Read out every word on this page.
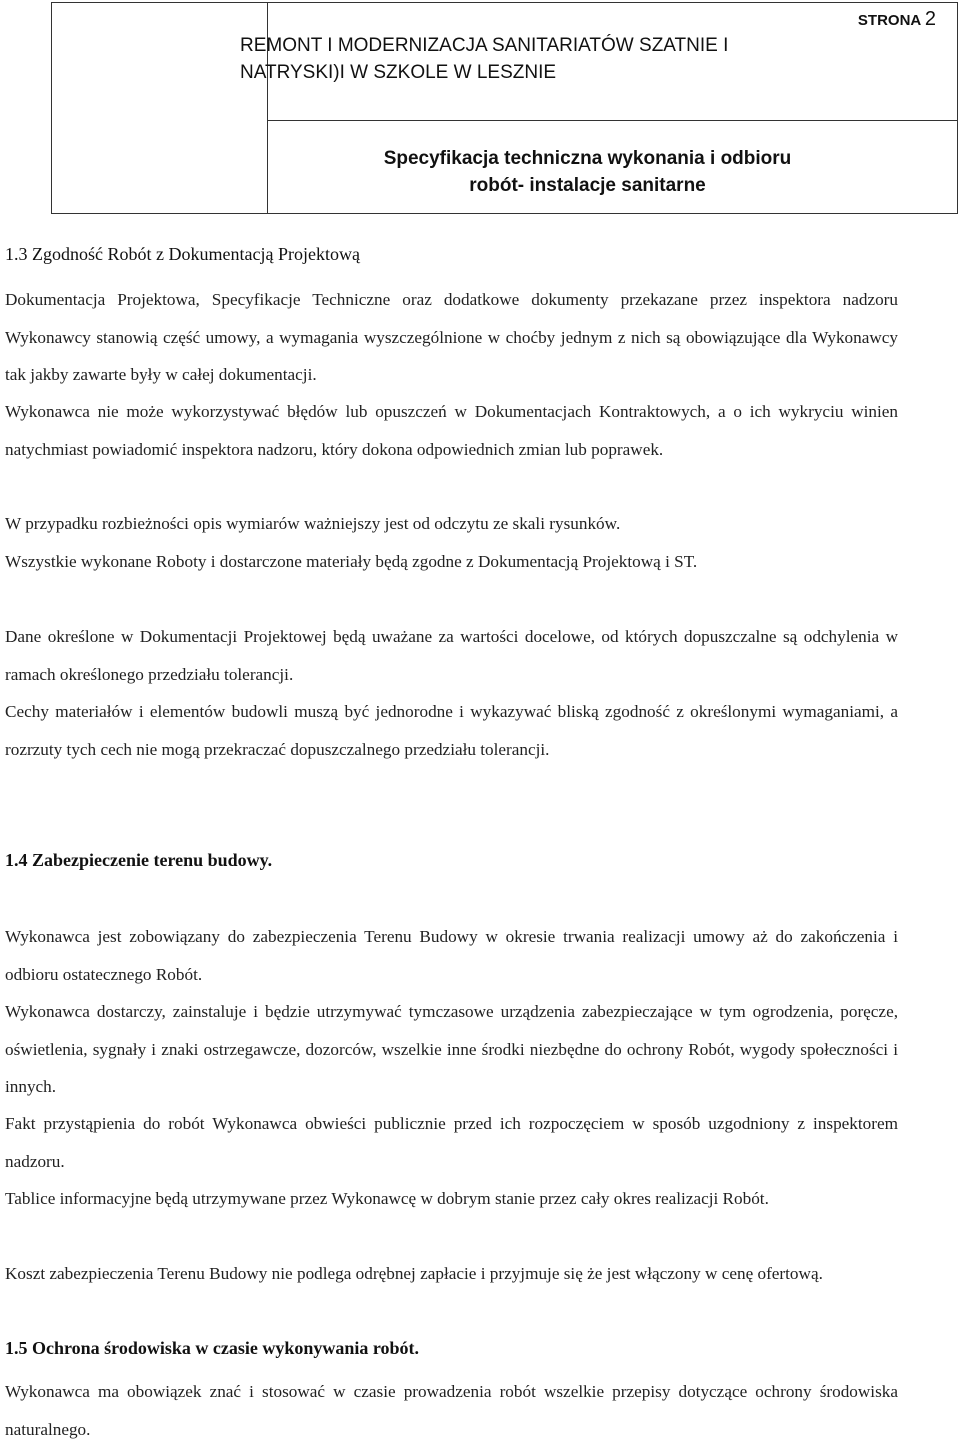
REMONT I MODERNIZACJA SANITARIATÓW SZATNIE I NATRYSKI)I W SZKOLE W LESZNIE
STRONA 2
Specyfikacja techniczna wykonania i odbioru
robót- instalacje sanitarne
1.3 Zgodność Robót z Dokumentacją Projektową
Dokumentacja Projektowa, Specyfikacje Techniczne oraz dodatkowe dokumenty przekazane przez inspektora nadzoru Wykonawcy stanowią część umowy, a wymagania wyszczególnione w choćby jednym z nich są obowiązujące dla Wykonawcy tak jakby zawarte były w całej dokumentacji.
Wykonawca nie może wykorzystywać błędów lub opuszczeń w Dokumentacjach Kontraktowych, a o ich wykryciu winien natychmiast powiadomić inspektora nadzoru, który dokona odpowiednich zmian lub poprawek.
W przypadku rozbieżności opis wymiarów ważniejszy jest od odczytu ze skali rysunków.
Wszystkie wykonane Roboty i dostarczone materiały będą zgodne z Dokumentacją Projektową i ST.
Dane określone w Dokumentacji Projektowej będą uważane za wartości docelowe, od których dopuszczalne są odchylenia w ramach określonego przedziału tolerancji.
Cechy materiałów i elementów budowli muszą być jednorodne i wykazywać bliską zgodność z określonymi wymaganiami, a rozrzuty tych cech nie mogą przekraczać dopuszczalnego przedziału tolerancji.
1.4 Zabezpieczenie terenu budowy.
Wykonawca jest zobowiązany do zabezpieczenia Terenu Budowy w okresie trwania realizacji umowy aż do zakończenia i odbioru ostatecznego Robót.
Wykonawca dostarczy, zainstaluje i będzie utrzymywać tymczasowe urządzenia zabezpieczające w tym ogrodzenia, poręcze, oświetlenia, sygnały i znaki ostrzegawcze, dozorców, wszelkie inne środki niezbędne do ochrony Robót, wygody społeczności i innych.
Fakt przystąpienia do robót Wykonawca obwieści publicznie przed ich rozpoczęciem w sposób uzgodniony z inspektorem nadzoru.
Tablice informacyjne będą utrzymywane przez Wykonawcę w dobrym stanie przez cały okres realizacji Robót.
Koszt zabezpieczenia Terenu Budowy nie podlega odrębnej zapłacie i przyjmuje się że jest włączony w cenę ofertową.
1.5 Ochrona środowiska w czasie wykonywania robót.
Wykonawca ma obowiązek znać i stosować w czasie prowadzenia robót wszelkie przepisy dotyczące ochrony środowiska naturalnego.
